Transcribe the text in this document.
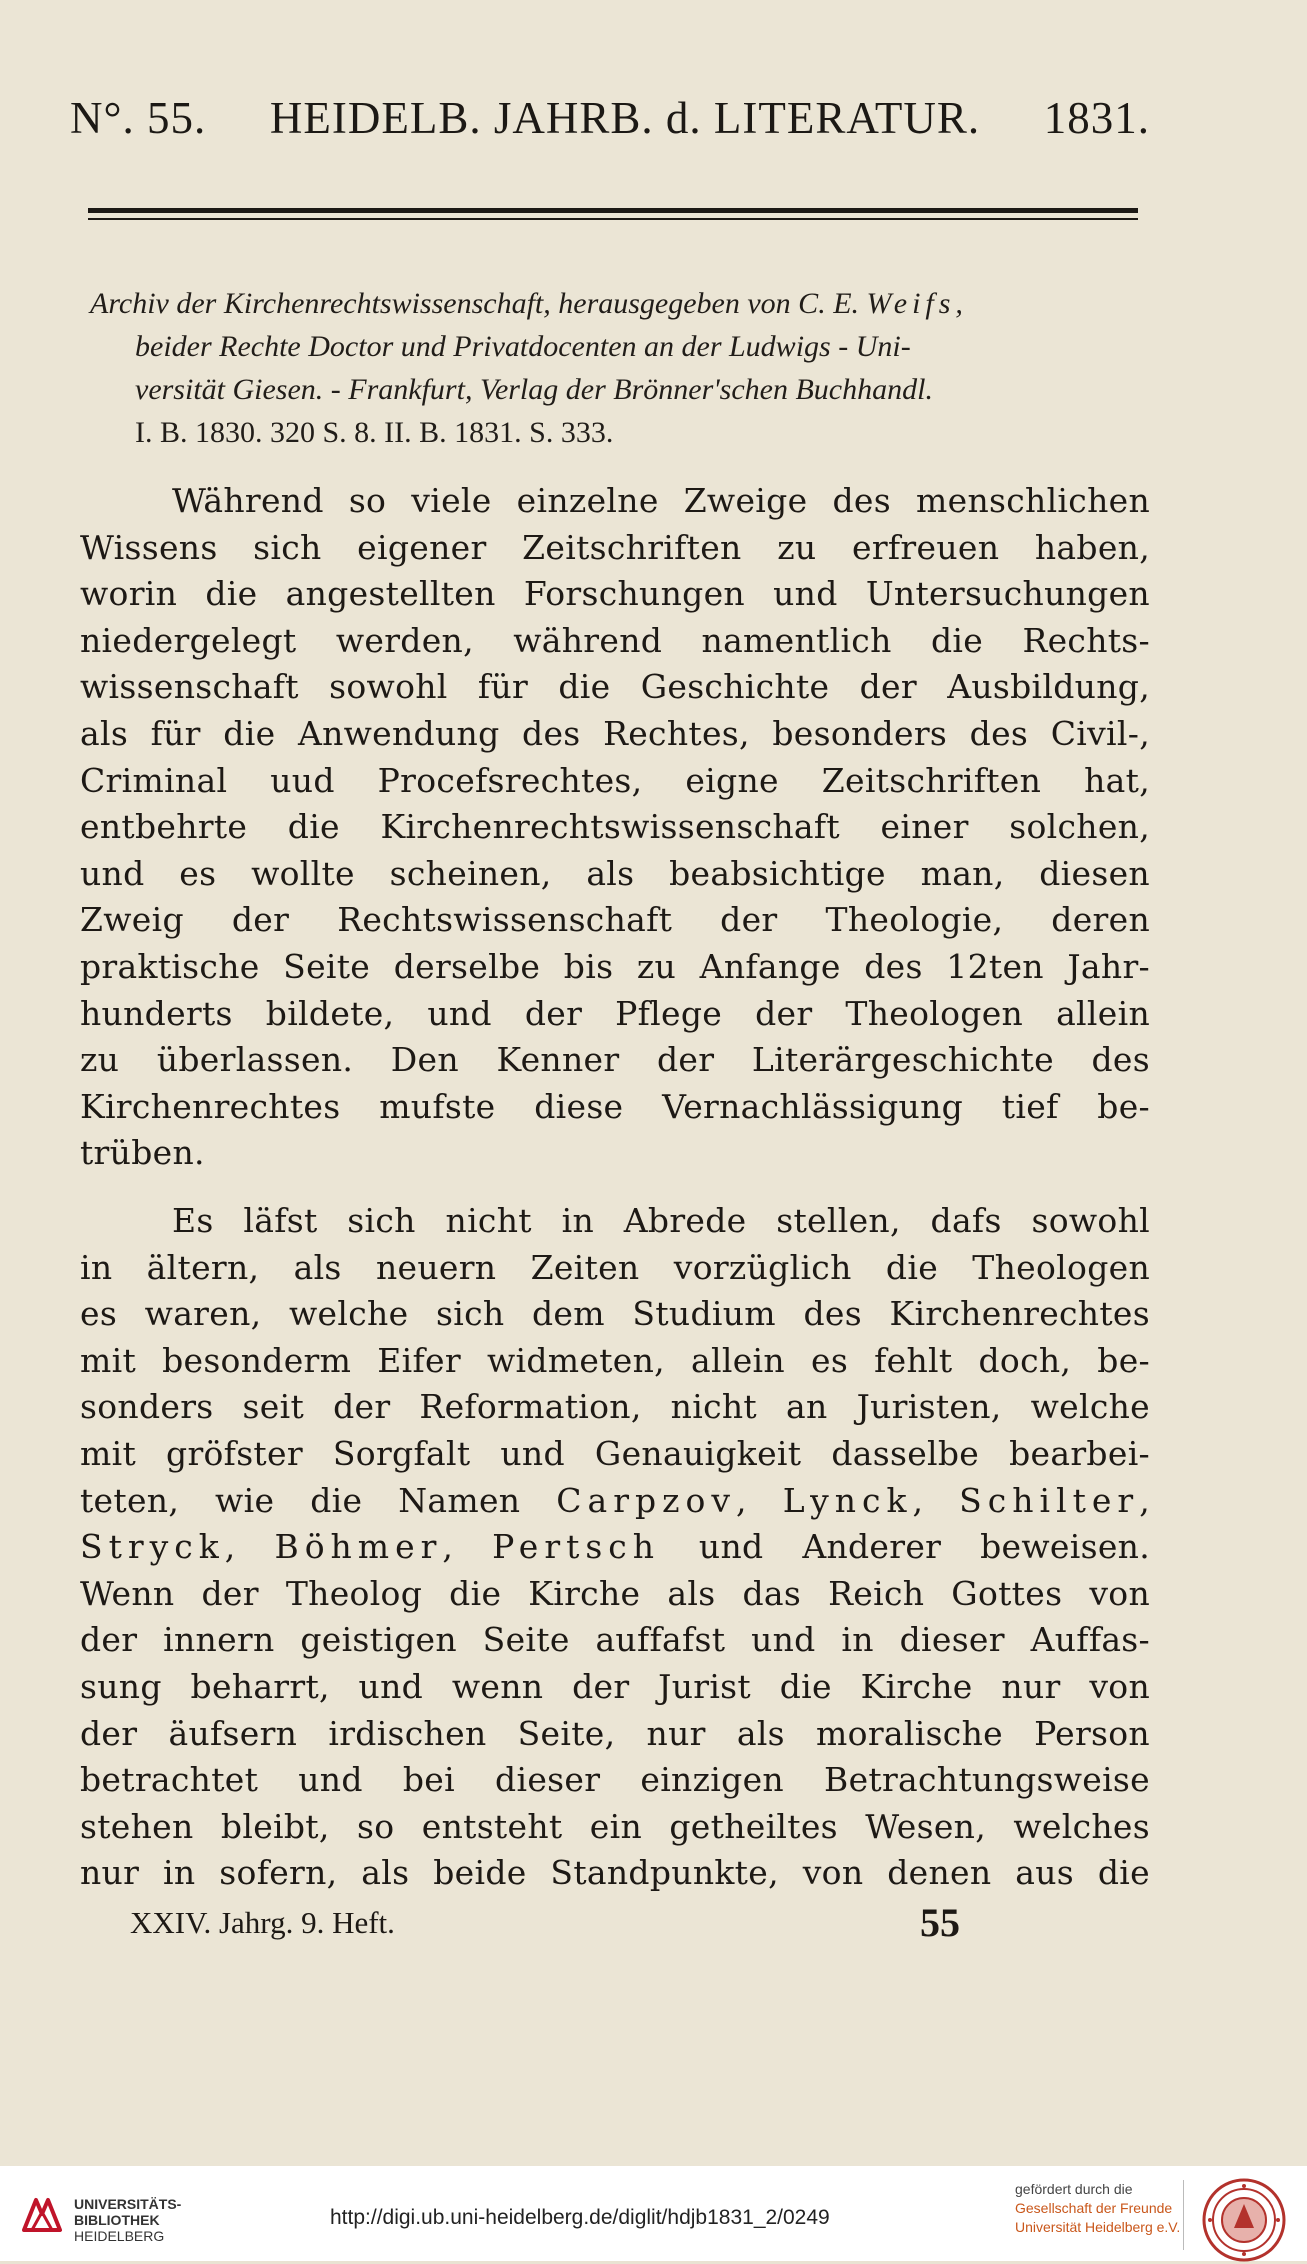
N°. 55.	HEIDELB. JAHRB. d. LITERATUR.	1831.
Archiv der Kirchenrechtswissenschaft, herausgegeben von C. E. Weifs,
beider Rechte Doctor und Privatdocenten an der Ludwigs - Uni-
versität Giesen. - Frankfurt, Verlag der Brönner'schen Buchhandl.
I. B. 1830. 320 S. 8. II. B. 1831. S. 333.
Während so viele einzelne Zweige des menschlichen
Wissens sich eigener Zeitschriften zu erfreuen haben,
worin die angestellten Forschungen und Untersuchungen
niedergelegt werden, während namentlich die Rechts-
wissenschaft sowohl für die Geschichte der Ausbildung,
als für die Anwendung des Rechtes, besonders des Civil-,
Criminal uud Procefsrechtes, eigne Zeitschriften hat,
entbehrte die Kirchenrechtswissenschaft einer solchen,
und es wollte scheinen, als beabsichtige man, diesen
Zweig der Rechtswissenschaft der Theologie, deren
praktische Seite derselbe bis zu Anfange des 12ten Jahr-
hunderts bildete, und der Pflege der Theologen allein
zu überlassen. Den Kenner der Literärgeschichte des
Kirchenrechtes mufste diese Vernachlässigung tief be-
trüben.
Es läfst sich nicht in Abrede stellen, dafs sowohl
in ältern, als neuern Zeiten vorzüglich die Theologen
es waren, welche sich dem Studium des Kirchenrechtes
mit besonderm Eifer widmeten, allein es fehlt doch, be-
sonders seit der Reformation, nicht an Juristen, welche
mit gröfster Sorgfalt und Genauigkeit dasselbe bearbei-
teten, wie die Namen Carpzov, Lynck, Schilter,
Stryck, Böhmer, Pertsch und Anderer beweisen.
Wenn der Theolog die Kirche als das Reich Gottes von
der innern geistigen Seite auffafst und in dieser Auffas-
sung beharrt, und wenn der Jurist die Kirche nur von
der äufsern irdischen Seite, nur als moralische Person
betrachtet und bei dieser einzigen Betrachtungsweise
stehen bleibt, so entsteht ein getheiltes Wesen, welches
nur in sofern, als beide Standpunkte, von denen aus die
XXIV. Jahrg. 9. Heft.	55
UNIVERSITÄTS-
BIBLIOTHEK
HEIDELBERG
http://digi.ub.uni-heidelberg.de/diglit/hdjb1831_2/0249
gefördert durch die
Gesellschaft der Freunde
Universität Heidelberg e.V.
